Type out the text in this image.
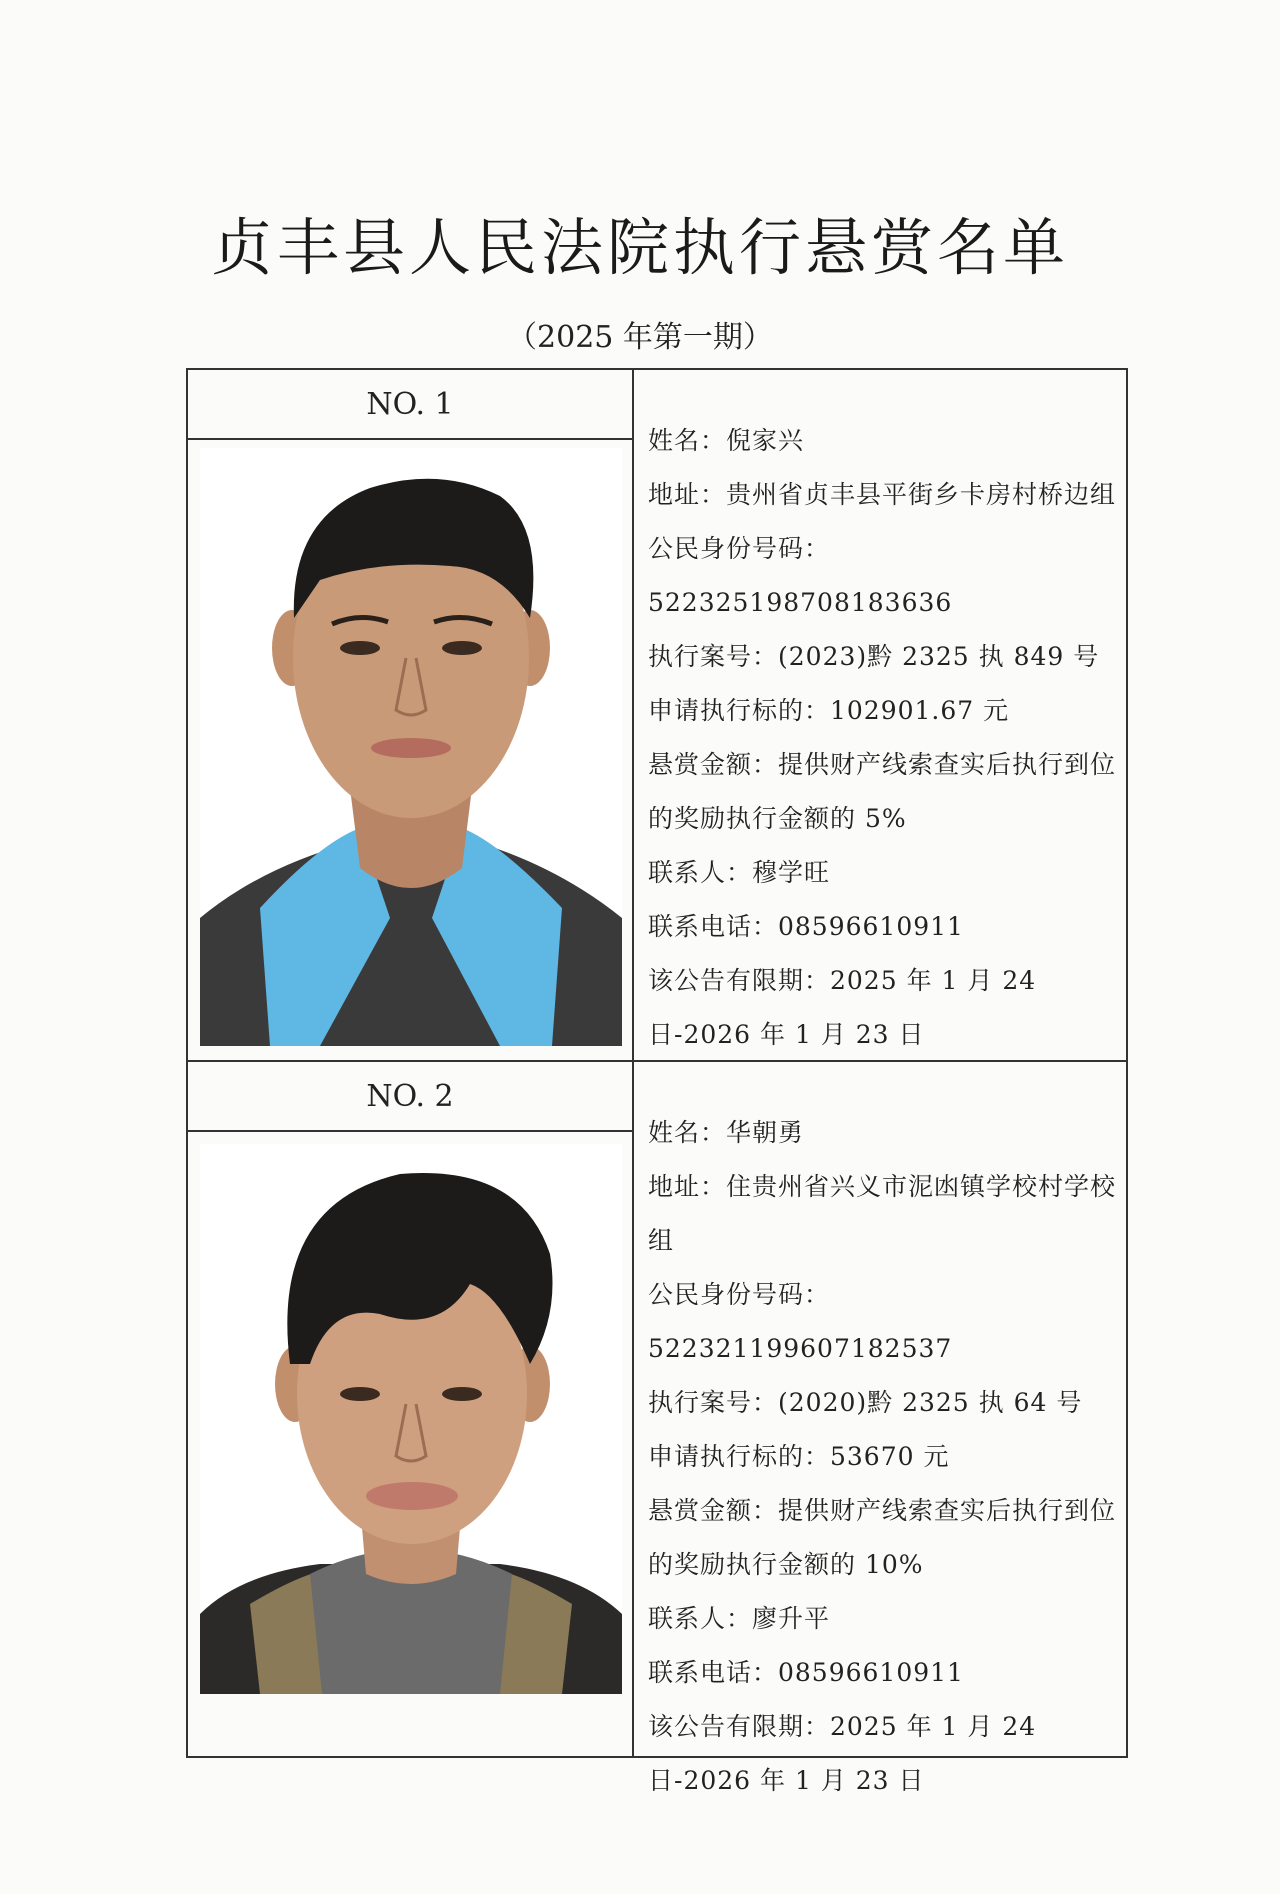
贞丰县人民法院执行悬赏名单
（2025 年第一期）
NO. 1
姓名：倪家兴
地址：贵州省贞丰县平街乡卡房村桥边组
公民身份号码：522325198708183636
执行案号：(2023)黔 2325 执 849 号
申请执行标的：102901.67 元
悬赏金额：提供财产线索查实后执行到位的奖励执行金额的 5%
联系人：穆学旺
联系电话：08596610911
该公告有限期：2025 年 1 月 24 日-2026 年 1 月 23 日
NO. 2
姓名：华朝勇
地址：住贵州省兴义市泥凼镇学校村学校组
公民身份号码：522321199607182537
执行案号：(2020)黔 2325 执 64 号
申请执行标的：53670 元
悬赏金额：提供财产线索查实后执行到位的奖励执行金额的 10%
联系人：廖升平
联系电话：08596610911
该公告有限期：2025 年 1 月 24 日-2026 年 1 月 23 日
